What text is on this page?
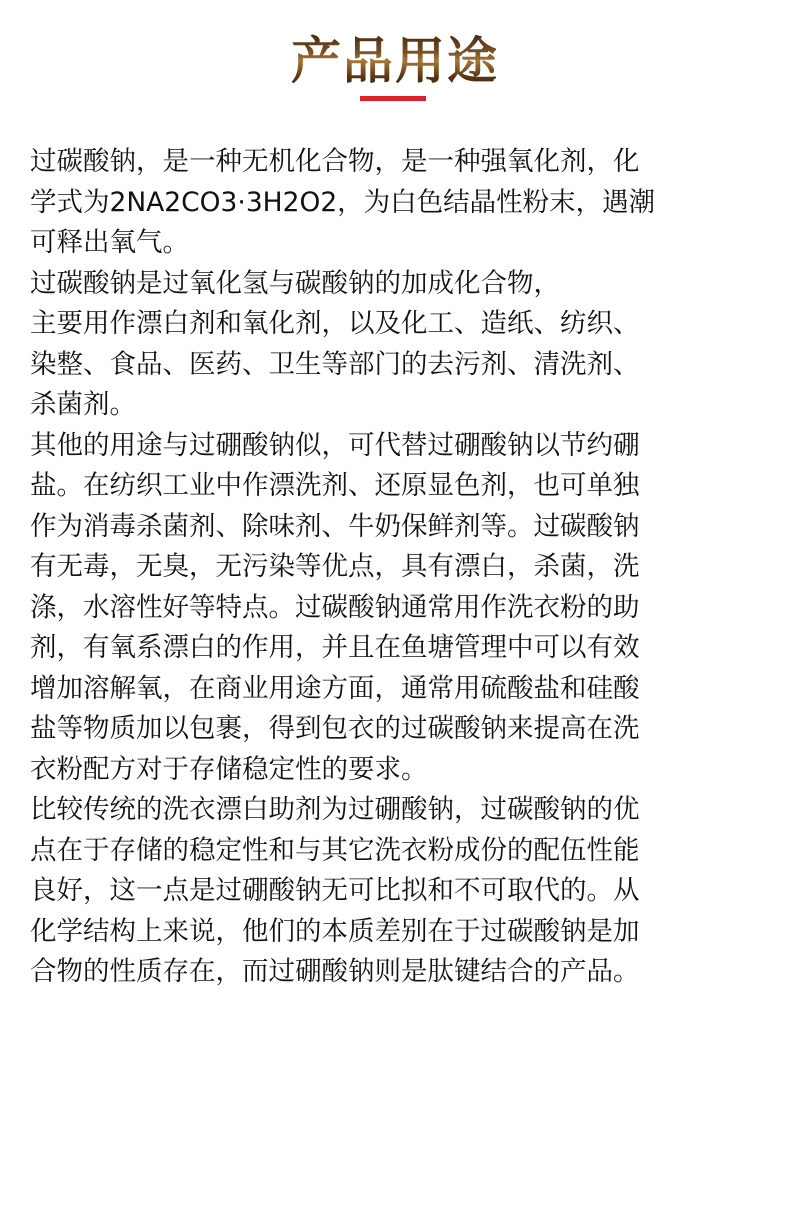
产品用途

过碳酸钠，是一种无机化合物，是一种强氧化剂，化
学式为2NA2CO3·3H2O2，为白色结晶性粉末，遇潮
可释出氧气。

过碳酸钠是过氧化氢与碳酸钠的加成化合物，
主要用作漂白剂和氧化剂，以及化工、造纸、纺织、
染整、食品、医药、卫生等部门的去污剂、清洗剂、
杀菌剂。

其他的用途与过硼酸钠似，可代替过硼酸钠以节约硼
盐。在纺织工业中作漂洗剂、还原显色剂，也可单独
作为消毒杀菌剂、除味剂、牛奶保鲜剂等。过碳酸钠
有无毒，无臭，无污染等优点，具有漂白，杀菌，洗
涤，水溶性好等特点。过碳酸钠通常用作洗衣粉的助
剂，有氧系漂白的作用，并且在鱼塘管理中可以有效
增加溶解氧，在商业用途方面，通常用硫酸盐和硅酸
盐等物质加以包裹，得到包衣的过碳酸钠来提高在洗
衣粉配方对于存储稳定性的要求。

比较传统的洗衣漂白助剂为过硼酸钠，过碳酸钠的优
点在于存储的稳定性和与其它洗衣粉成份的配伍性能
良好，这一点是过硼酸钠无可比拟和不可取代的。从
化学结构上来说，他们的本质差别在于过碳酸钠是加
合物的性质存在，而过硼酸钠则是肽键结合的产品。
